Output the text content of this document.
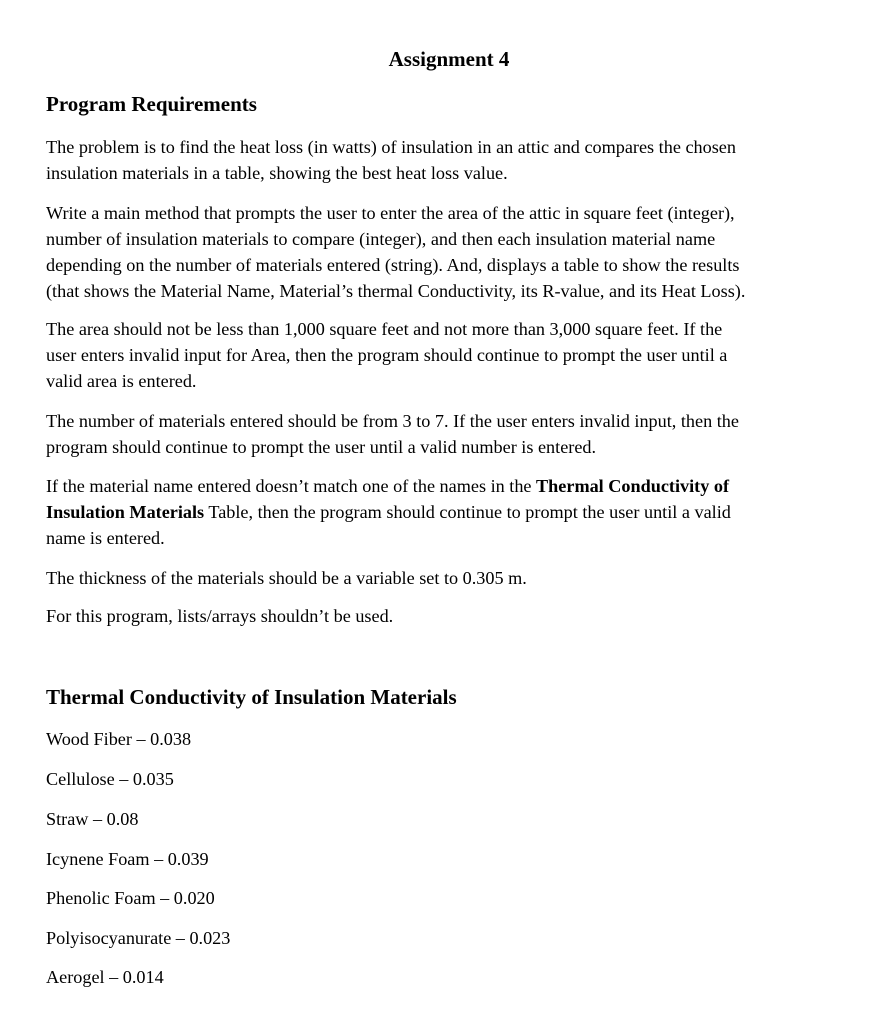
Assignment 4
Program Requirements

The problem is to find the heat loss (in watts) of insulation in an attic and compares the chosen
insulation materials in a table, showing the best heat loss value.

Write a main method that prompts the user to enter the area of the attic in square feet (integer),
number of insulation materials to compare (integer), and then each insulation material name
depending on the number of materials entered (string). And, displays a table to show the results
(that shows the Material Name, Material’s thermal Conductivity, its R-value, and its Heat Loss).

The area should not be less than 1,000 square feet and not more than 3,000 square feet. If the
user enters invalid input for Area, then the program should continue to prompt the user until a
valid area is entered.

The number of materials entered should be from 3 to 7. If the user enters invalid input, then the
program should continue to prompt the user until a valid number is entered.

If the material name entered doesn’t match one of the names in the Thermal Conductivity of
Insulation Materials Table, then the program should continue to prompt the user until a valid
name is entered.

The thickness of the materials should be a variable set to 0.305 m.

For this program, lists/arrays shouldn’t be used.

Thermal Conductivity of Insulation Materials

Wood Fiber – 0.038

Cellulose – 0.035

Straw – 0.08

Icynene Foam – 0.039

Phenolic Foam – 0.020

Polyisocyanurate – 0.023

Aerogel – 0.014
